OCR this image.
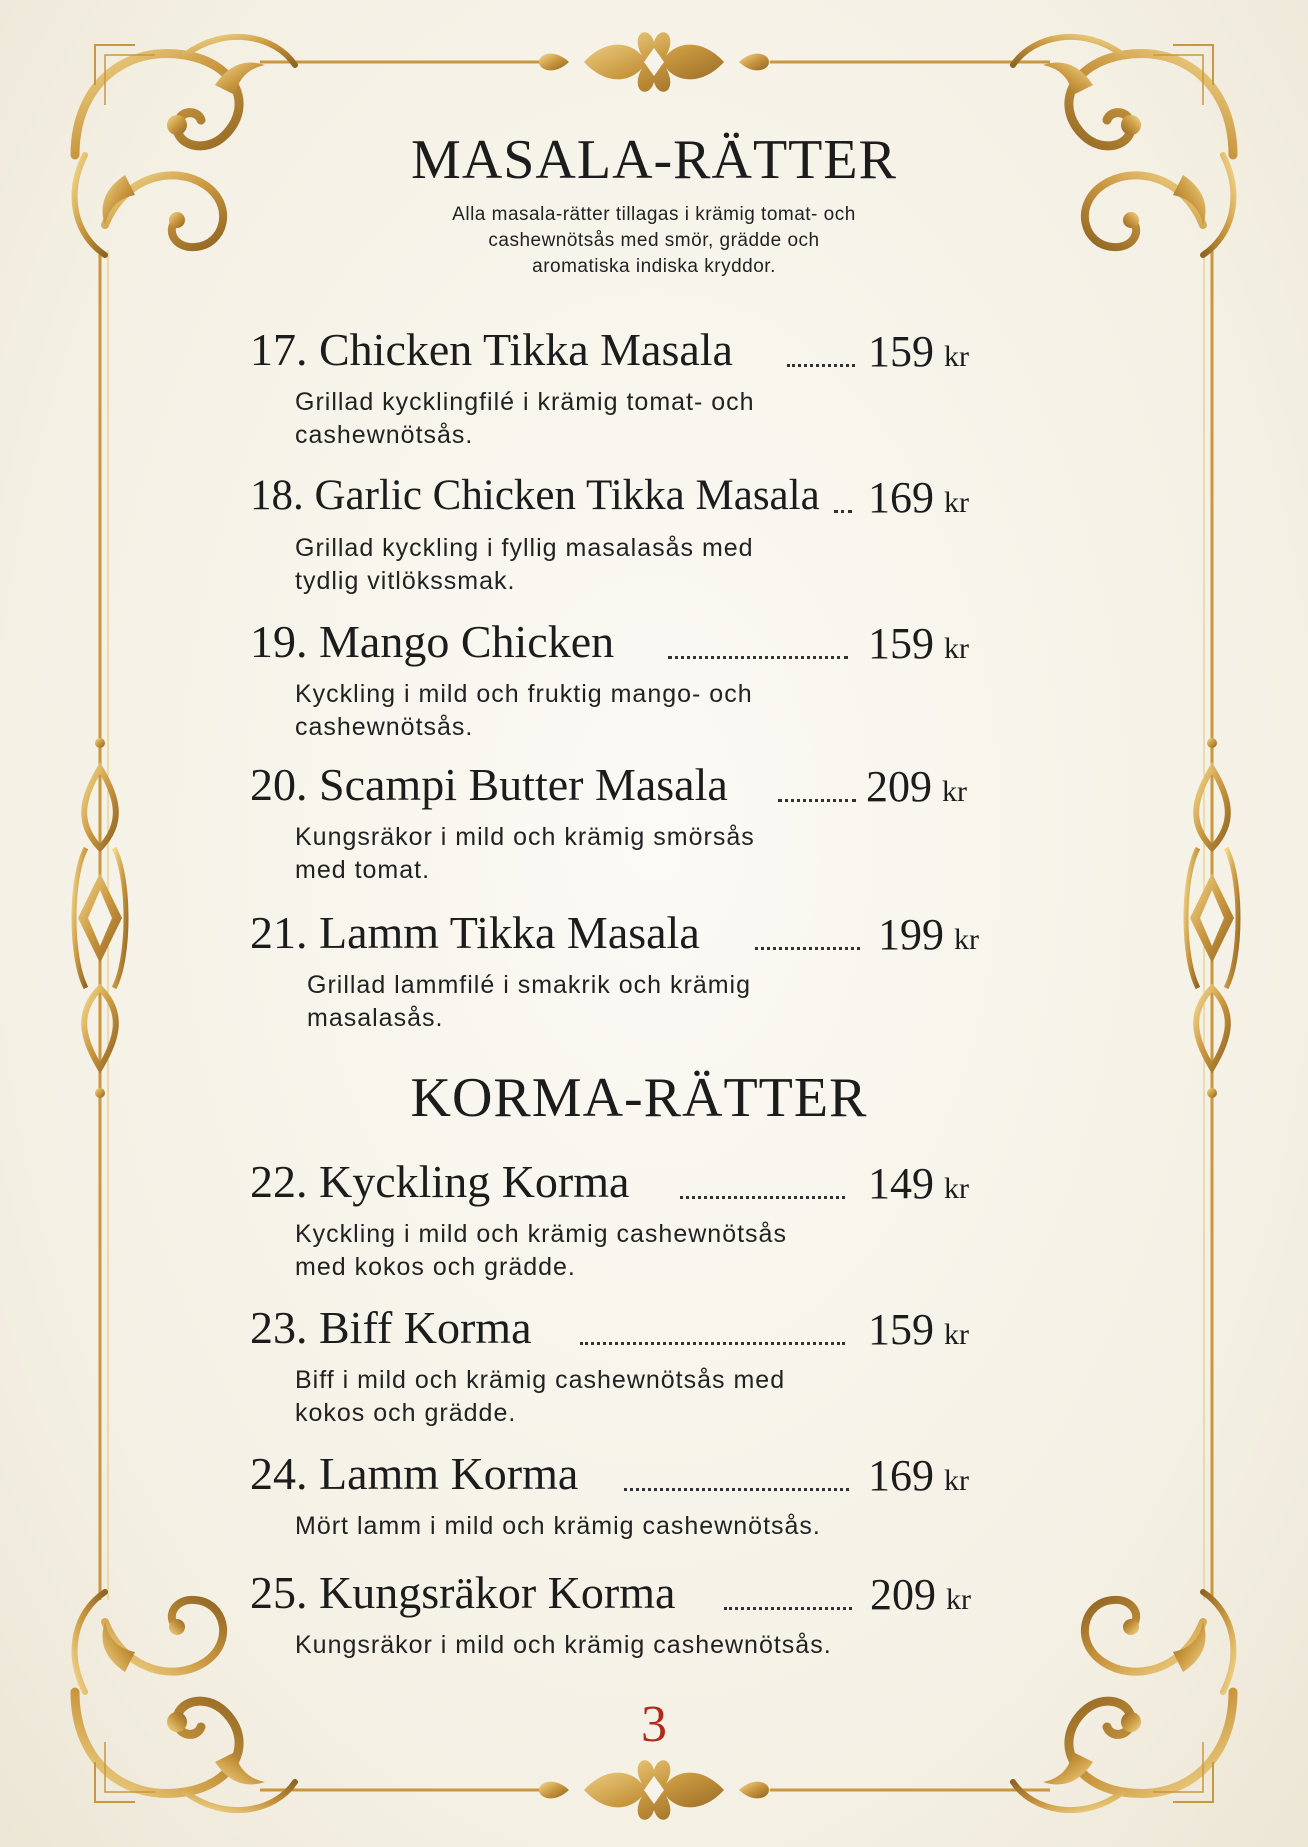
MASALA-RÄTTER

Alla masala-rätter tillagas i krämig tomat- och
cashewnötsås med smör, grädde och
aromatiska indiska kryddor.

17. Chicken Tikka Masala	159 kr

Grillad kycklingfilé i krämig tomat- och
cashewnötsås.

18. Garlic Chicken Tikka Masala 169 kr

Grillad kyckling i fyllig masalasås med
tydlig vitlökssmak.

19. Mango Chicken	159 kr

Kyckling i mild och fruktig mango- och
cashewnötsås.

20. Scampi Butter Masala	209 kr

Kungsräkor i mild och krämig smörsås
med tomat.

21. Lamm Tikka Masala	199 kr

Grillad lammfilé i smakrik och krämig
masalasås.

KORMA-RÄTTER
22. Kyckling Korma	149 kr

Kyckling i mild och krämig cashewnötsås
med kokos och grädde.

23. Biff Korma	159 kr

Biff i mild och krämig cashewnötsås med
kokos och grädde.

24. Lamm Korma	169 kr

Mört lamm i mild och krämig cashewnötsås.

25. Kungsräkor Korma	209 kr

Kungsräkor i mild och krämig cashewnötsås.

3
